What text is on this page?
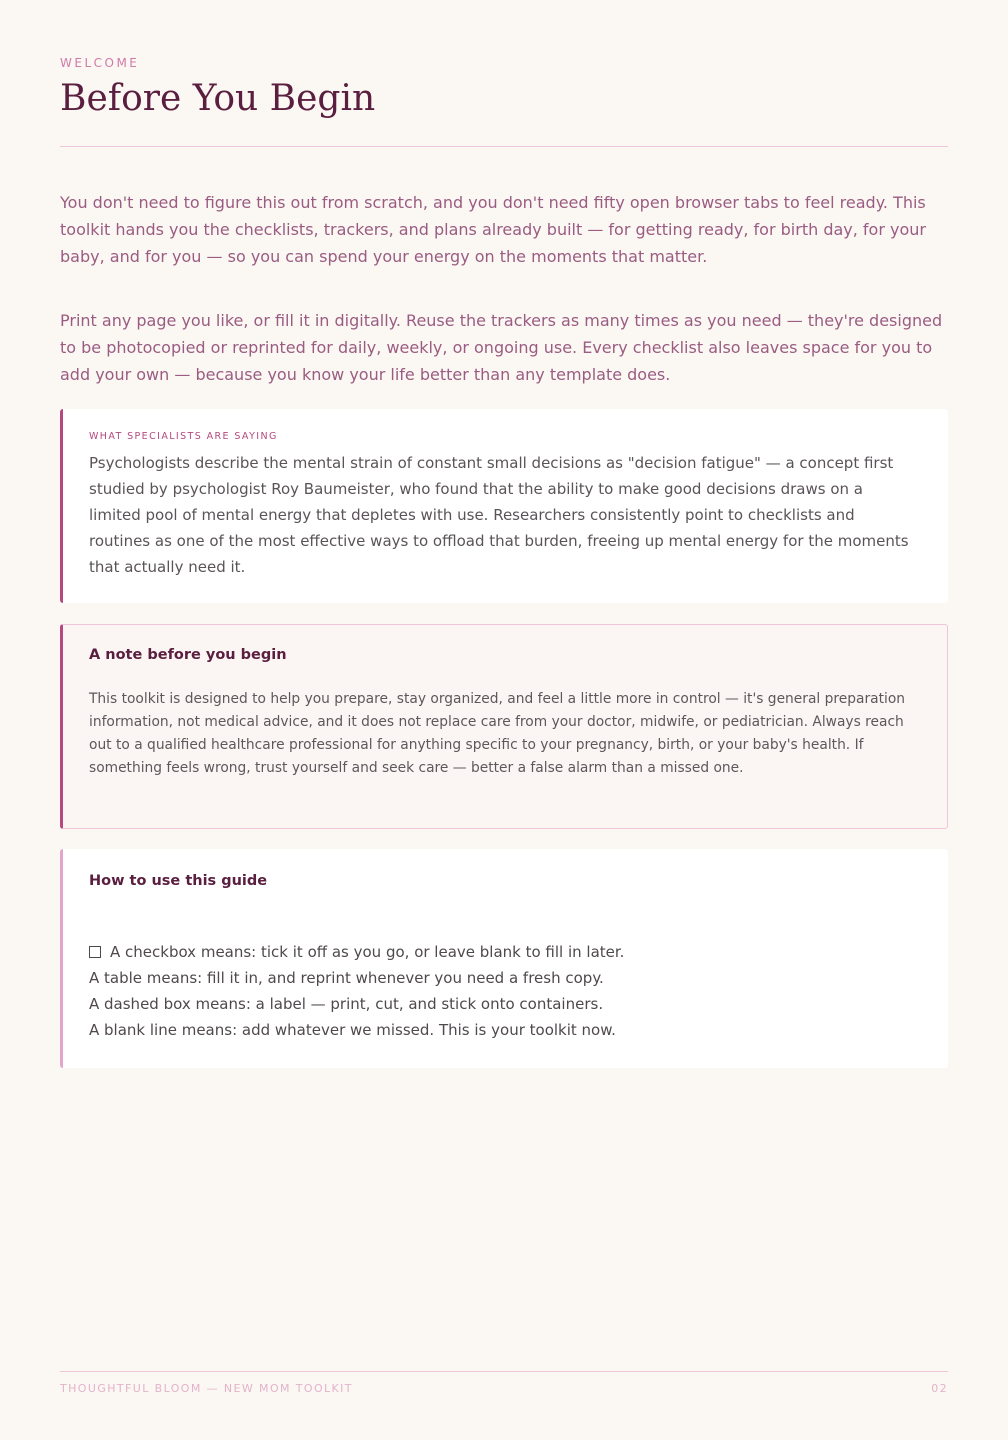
WELCOME
Before You Begin

You don't need to figure this out from scratch, and you don't need fifty open browser tabs to feel ready. This toolkit hands you the checklists, trackers, and plans already built — for getting ready, for birth day, for your baby, and for you — so you can spend your energy on the moments that matter.

Print any page you like, or fill it in digitally. Reuse the trackers as many times as you need — they're designed to be photocopied or reprinted for daily, weekly, or ongoing use. Every checklist also leaves space for you to add your own — because you know your life better than any template does.

WHAT SPECIALISTS ARE SAYING

Psychologists describe the mental strain of constant small decisions as "decision fatigue" — a concept first studied by psychologist Roy Baumeister, who found that the ability to make good decisions draws on a limited pool of mental energy that depletes with use. Researchers consistently point to checklists and routines as one of the most effective ways to offload that burden, freeing up mental energy for the moments that actually need it.

A note before you begin

This toolkit is designed to help you prepare, stay organized, and feel a little more in control — it's general preparation information, not medical advice, and it does not replace care from your doctor, midwife, or pediatrician. Always reach out to a qualified healthcare professional for anything specific to your pregnancy, birth, or your baby's health. If something feels wrong, trust yourself and seek care — better a false alarm than a missed one.

How to use this guide
A checkbox means: tick it off as you go, or leave blank to fill in later.
A table means: fill it in, and reprint whenever you need a fresh copy.
A dashed box means: a label — print, cut, and stick onto containers.
A blank line means: add whatever we missed. This is your toolkit now.
THOUGHTFUL BLOOM — NEW MOM TOOLKIT	02
